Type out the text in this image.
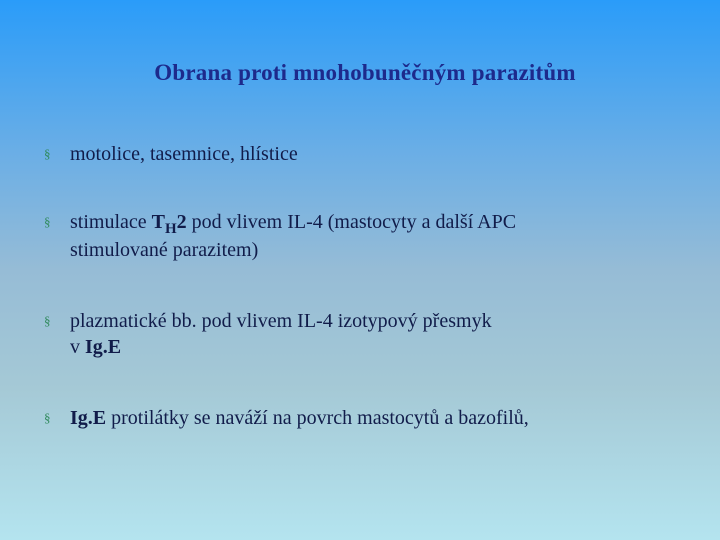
Obrana proti mnohobuněčným parazitům
§ motolice, tasemnice, hlístice
§ stimulace $T_H2$ pod vlivem IL-4 (mastocyty a další APC
stimulované parazitem)
§ plazmatické bb. pod vlivem IL-4 izotypový přesmyk
v Ig.E
§ Ig.E protilátky se naváží na povrch mastocytů a bazofilů,
